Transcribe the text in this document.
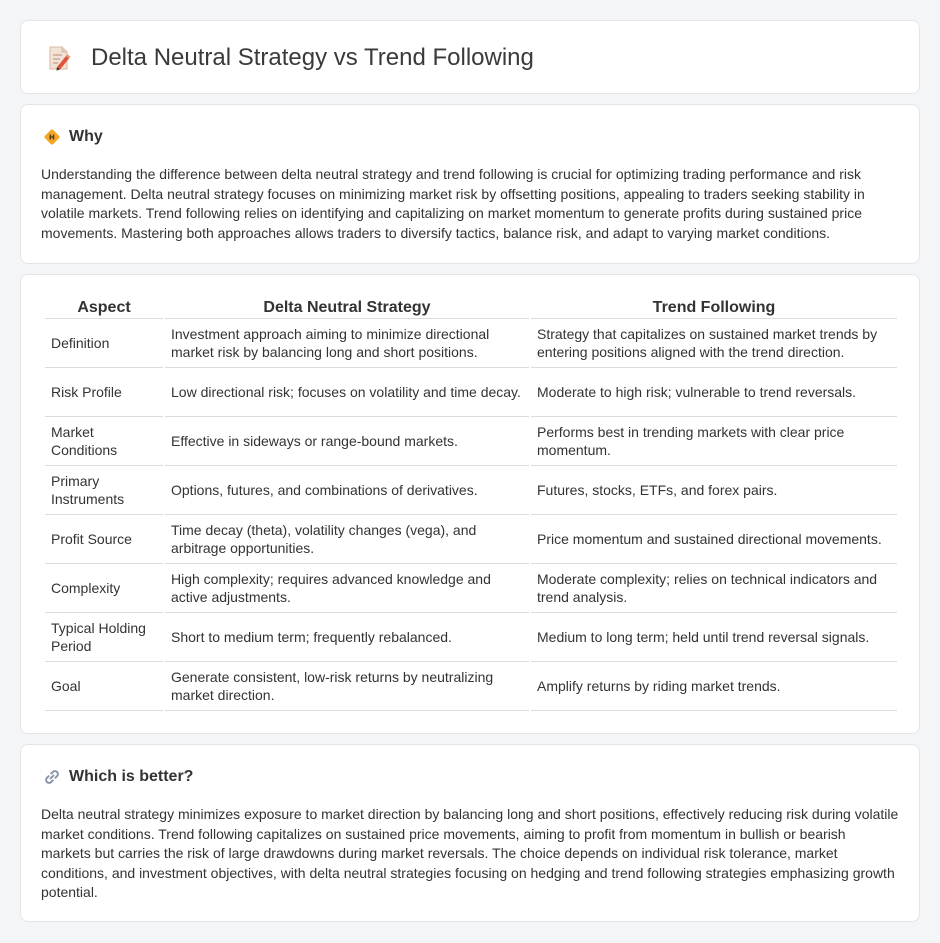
Delta Neutral Strategy vs Trend Following
Why

Understanding the difference between delta neutral strategy and trend following is crucial for optimizing trading performance and risk management. Delta neutral strategy focuses on minimizing market risk by offsetting positions, appealing to traders seeking stability in volatile markets. Trend following relies on identifying and capitalizing on market momentum to generate profits during sustained price movements. Mastering both approaches allows traders to diversify tactics, balance risk, and adapt to varying market conditions.

Aspect	Delta Neutral Strategy	Trend Following
Definition	Investment approach aiming to minimize directional market risk by balancing long and short positions.	Strategy that capitalizes on sustained market trends by entering positions aligned with the trend direction.
Risk Profile	Low directional risk; focuses on volatility and time decay.	Moderate to high risk; vulnerable to trend reversals.
Market Conditions	Effective in sideways or range-bound markets.	Performs best in trending markets with clear price momentum.
Primary Instruments	Options, futures, and combinations of derivatives.	Futures, stocks, ETFs, and forex pairs.
Profit Source	Time decay (theta), volatility changes (vega), and arbitrage opportunities.	Price momentum and sustained directional movements.
Complexity	High complexity; requires advanced knowledge and active adjustments.	Moderate complexity; relies on technical indicators and trend analysis.
Typical Holding Period	Short to medium term; frequently rebalanced.	Medium to long term; held until trend reversal signals.
Goal	Generate consistent, low-risk returns by neutralizing market direction.	Amplify returns by riding market trends.
Which is better?

Delta neutral strategy minimizes exposure to market direction by balancing long and short positions, effectively reducing risk during volatile market conditions. Trend following capitalizes on sustained price movements, aiming to profit from momentum in bullish or bearish markets but carries the risk of large drawdowns during market reversals. The choice depends on individual risk tolerance, market conditions, and investment objectives, with delta neutral strategies focusing on hedging and trend following strategies emphasizing growth potential.
